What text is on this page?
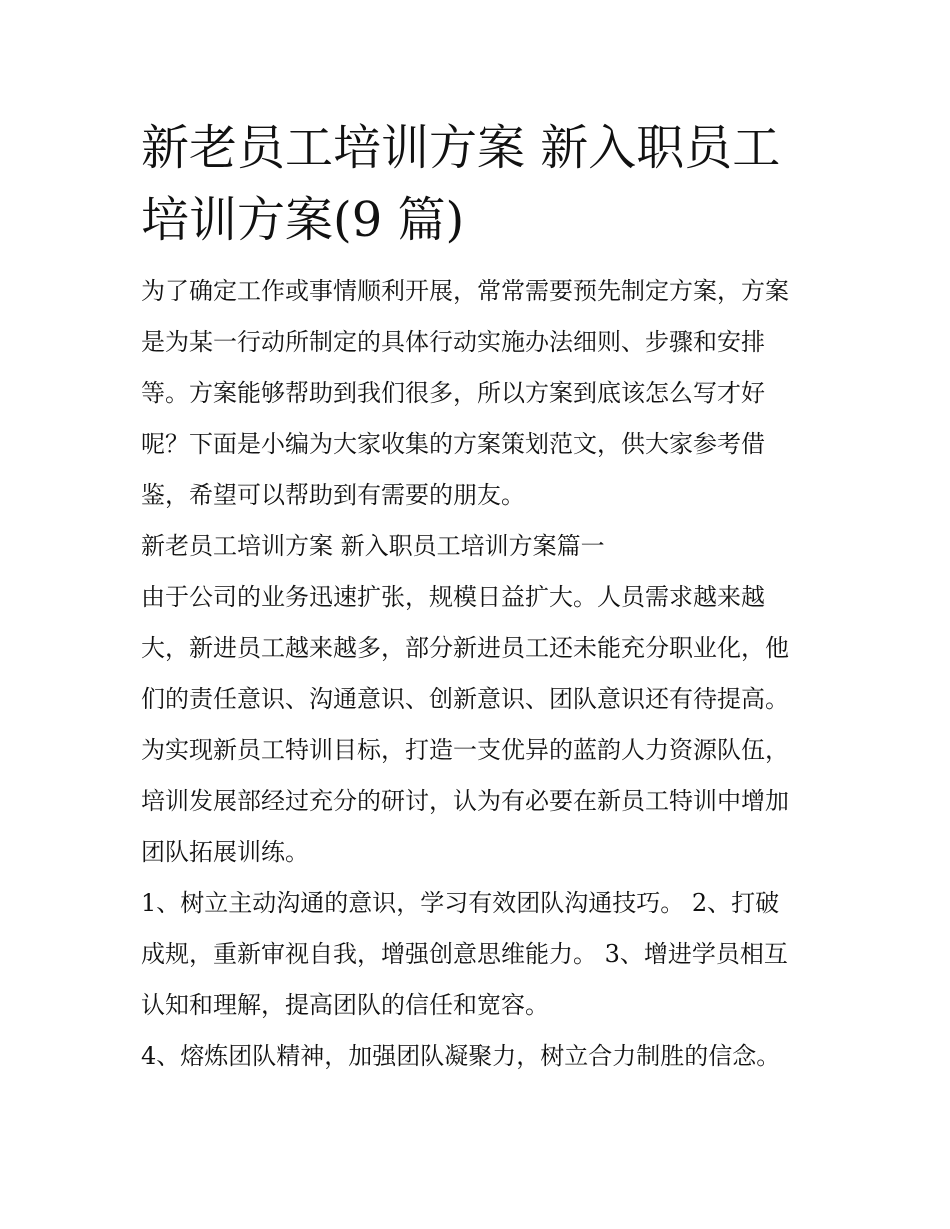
新老员工培训方案 新入职员工
培训方案(9 篇)

为了确定工作或事情顺利开展，常常需要预先制定方案，方案
是为某一行动所制定的具体行动实施办法细则、步骤和安排
等。方案能够帮助到我们很多，所以方案到底该怎么写才好
呢？下面是小编为大家收集的方案策划范文，供大家参考借
鉴，希望可以帮助到有需要的朋友。

新老员工培训方案 新入职员工培训方案篇一

由于公司的业务迅速扩张，规模日益扩大。人员需求越来越
大，新进员工越来越多，部分新进员工还未能充分职业化，他
们的责任意识、沟通意识、创新意识、团队意识还有待提高。
为实现新员工特训目标，打造一支优异的蓝韵人力资源队伍，
培训发展部经过充分的研讨，认为有必要在新员工特训中增加
团队拓展训练。

1、树立主动沟通的意识，学习有效团队沟通技巧。 2、打破
成规，重新审视自我，增强创意思维能力。 3、增进学员相互
认知和理解，提高团队的信任和宽容。

4、熔炼团队精神，加强团队凝聚力，树立合力制胜的信念。
